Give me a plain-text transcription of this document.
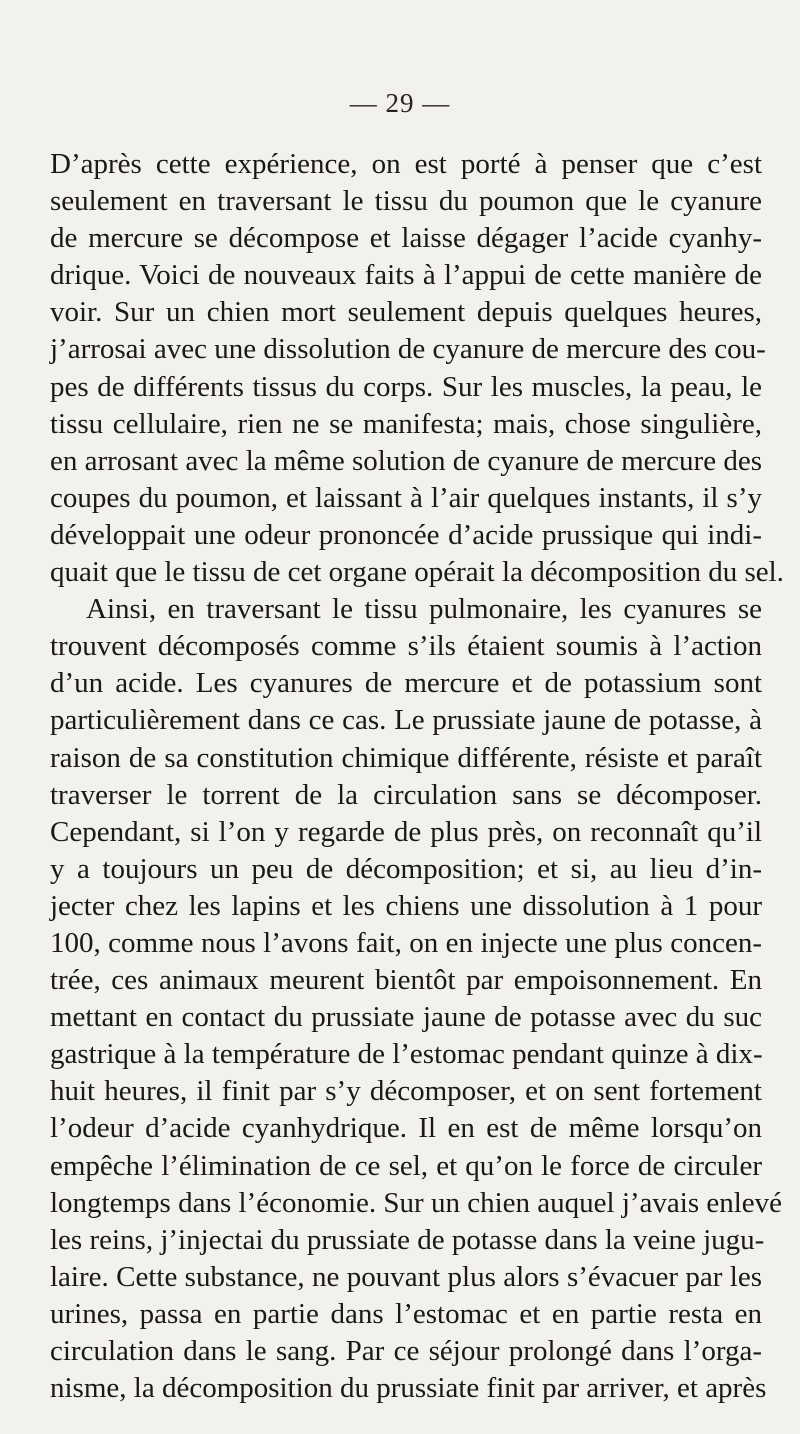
— 29 —
D’après cette expérience, on est porté à penser que c’est
seulement en traversant le tissu du poumon que le cyanure
de mercure se décompose et laisse dégager l’acide cyanhy-
drique. Voici de nouveaux faits à l’appui de cette manière de
voir. Sur un chien mort seulement depuis quelques heures,
j’arrosai avec une dissolution de cyanure de mercure des cou-
pes de différents tissus du corps. Sur les muscles, la peau, le
tissu cellulaire, rien ne se manifesta; mais, chose singulière,
en arrosant avec la même solution de cyanure de mercure des
coupes du poumon, et laissant à l’air quelques instants, il s’y
développait une odeur prononcée d’acide prussique qui indi-
quait que le tissu de cet organe opérait la décomposition du sel.
Ainsi, en traversant le tissu pulmonaire, les cyanures se
trouvent décomposés comme s’ils étaient soumis à l’action
d’un acide. Les cyanures de mercure et de potassium sont
particulièrement dans ce cas. Le prussiate jaune de potasse, à
raison de sa constitution chimique différente, résiste et paraît
traverser le torrent de la circulation sans se décomposer.
Cependant, si l’on y regarde de plus près, on reconnaît qu’il
y a toujours un peu de décomposition; et si, au lieu d’in-
jecter chez les lapins et les chiens une dissolution à 1 pour
100, comme nous l’avons fait, on en injecte une plus concen-
trée, ces animaux meurent bientôt par empoisonnement. En
mettant en contact du prussiate jaune de potasse avec du suc
gastrique à la température de l’estomac pendant quinze à dix-
huit heures, il finit par s’y décomposer, et on sent fortement
l’odeur d’acide cyanhydrique. Il en est de même lorsqu’on
empêche l’élimination de ce sel, et qu’on le force de circuler
longtemps dans l’économie. Sur un chien auquel j’avais enlevé
les reins, j’injectai du prussiate de potasse dans la veine jugu-
laire. Cette substance, ne pouvant plus alors s’évacuer par les
urines, passa en partie dans l’estomac et en partie resta en
circulation dans le sang. Par ce séjour prolongé dans l’orga-
nisme, la décomposition du prussiate finit par arriver, et après
